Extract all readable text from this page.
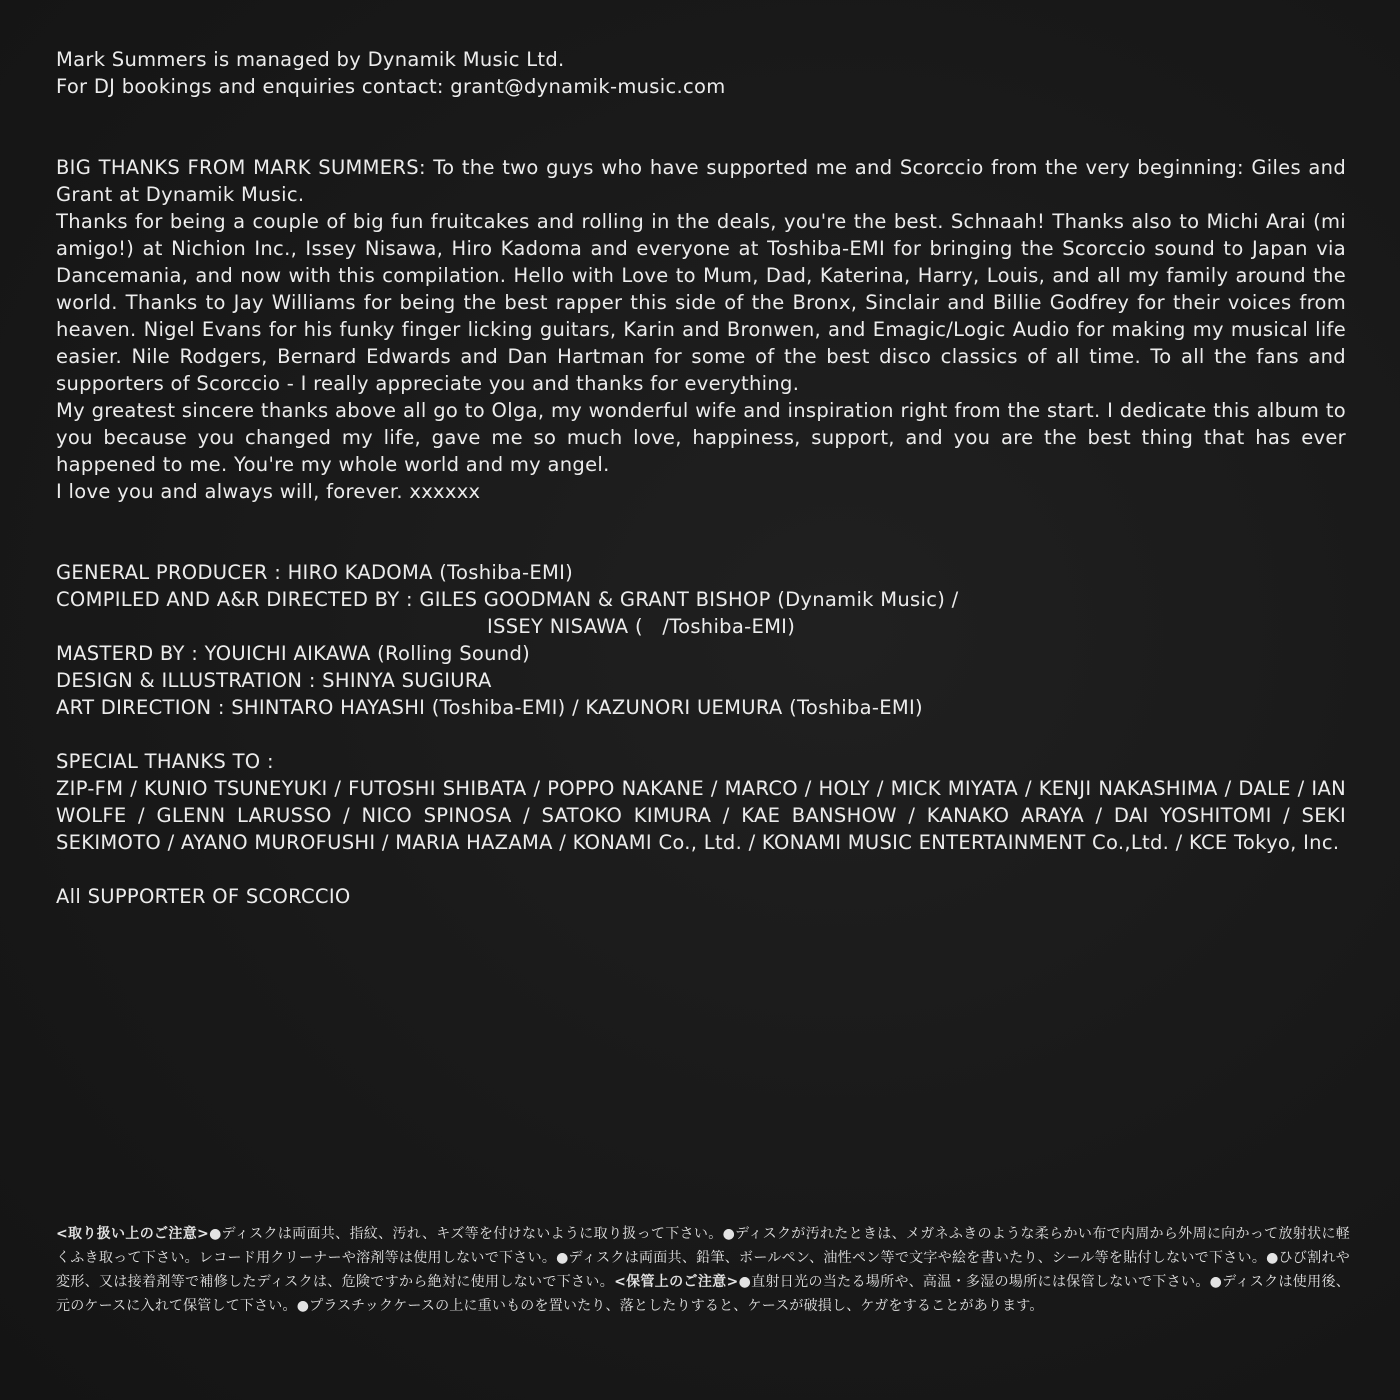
Mark Summers is managed by Dynamik Music Ltd.

For DJ bookings and enquiries contact: grant@dynamik-music.com

BIG THANKS FROM MARK SUMMERS: To the two guys who have supported me and Scorccio from the very beginning: Giles and Grant at Dynamik Music.

Thanks for being a couple of big fun fruitcakes and rolling in the deals, you're the best. Schnaah! Thanks also to Michi Arai (mi amigo!) at Nichion Inc., Issey Nisawa, Hiro Kadoma and everyone at Toshiba-EMI for bringing the Scorccio sound to Japan via Dancemania, and now with this compilation. Hello with Love to Mum, Dad, Katerina, Harry, Louis, and all my family around the world. Thanks to Jay Williams for being the best rapper this side of the Bronx, Sinclair and Billie Godfrey for their voices from heaven. Nigel Evans for his funky finger licking guitars, Karin and Bronwen, and Emagic/Logic Audio for making my musical life easier. Nile Rodgers, Bernard Edwards and Dan Hartman for some of the best disco classics of all time. To all the fans and supporters of Scorccio - I really appreciate you and thanks for everything.

My greatest sincere thanks above all go to Olga, my wonderful wife and inspiration right from the start. I dedicate this album to you because you changed my life, gave me so much love, happiness, support, and you are the best thing that has ever happened to me. You're my whole world and my angel.

I love you and always will, forever. xxxxxx

GENERAL PRODUCER : HIRO KADOMA (Toshiba-EMI)

COMPILED AND A&R DIRECTED BY : GILES GOODMAN & GRANT BISHOP (Dynamik Music) /

ISSEY NISAWA (   /Toshiba-EMI)

MASTERD BY : YOUICHI AIKAWA (Rolling Sound)

DESIGN & ILLUSTRATION : SHINYA SUGIURA

ART DIRECTION : SHINTARO HAYASHI (Toshiba-EMI) / KAZUNORI UEMURA (Toshiba-EMI)

SPECIAL THANKS TO :

ZIP-FM / KUNIO TSUNEYUKI / FUTOSHI SHIBATA / POPPO NAKANE / MARCO / HOLY / MICK MIYATA / KENJI NAKASHIMA / DALE / IAN WOLFE / GLENN LARUSSO / NICO SPINOSA / SATOKO KIMURA / KAE BANSHOW / KANAKO ARAYA / DAI YOSHITOMI / SEKI SEKIMOTO / AYANO MUROFUSHI / MARIA HAZAMA / KONAMI Co., Ltd. / KONAMI MUSIC ENTERTAINMENT Co.,Ltd. / KCE Tokyo, Inc.

All SUPPORTER OF SCORCCIO

<取り扱い上のご注意>●ディスクは両面共、指紋、汚れ、キズ等を付けないように取り扱って下さい。●ディスクが汚れたときは、メガネふきのような柔らかい布で内周から外周に向かって放射状に軽くふき取って下さい。レコード用クリーナーや溶剤等は使用しないで下さい。●ディスクは両面共、鉛筆、ボールペン、油性ペン等で文字や絵を書いたり、シール等を貼付しないで下さい。●ひび割れや変形、又は接着剤等で補修したディスクは、危険ですから絶対に使用しないで下さい。<保管上のご注意>●直射日光の当たる場所や、高温・多湿の場所には保管しないで下さい。●ディスクは使用後、元のケースに入れて保管して下さい。●プラスチックケースの上に重いものを置いたり、落としたりすると、ケースが破損し、ケガをすることがあります。
